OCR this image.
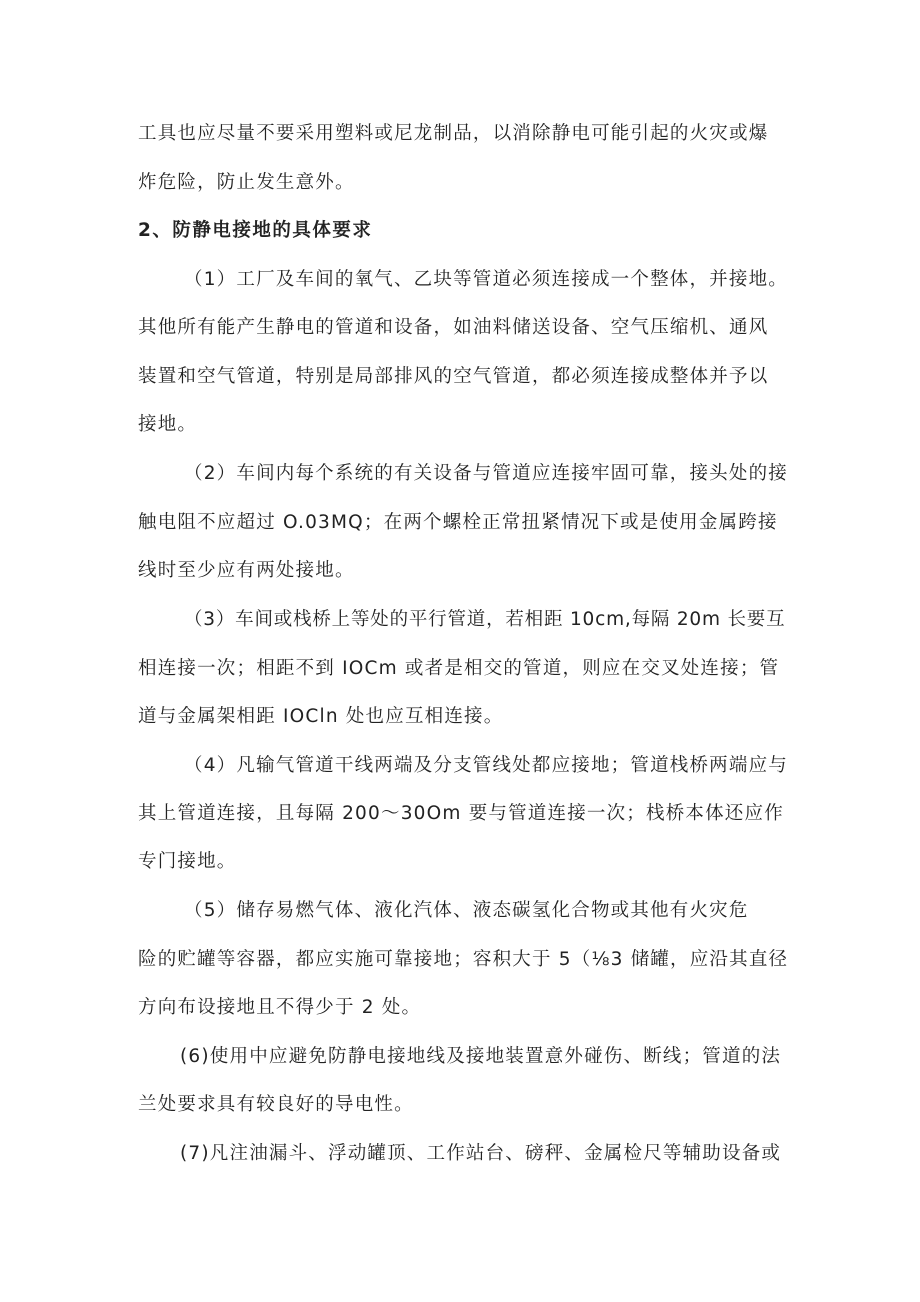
工具也应尽量不要采用塑料或尼龙制品，以消除静电可能引起的火灾或爆
炸危险，防止发生意外。
2、防静电接地的具体要求
（1）工厂及车间的氧气、乙块等管道必须连接成一个整体，并接地。
其他所有能产生静电的管道和设备，如油料储送设备、空气压缩机、通风
装置和空气管道，特别是局部排风的空气管道，都必须连接成整体并予以
接地。
（2）车间内每个系统的有关设备与管道应连接牢固可靠，接头处的接
触电阻不应超过 O.03MQ；在两个螺栓正常扭紧情况下或是使用金属跨接
线时至少应有两处接地。
（3）车间或栈桥上等处的平行管道，若相距 10cm,每隔 20m 长要互
相连接一次；相距不到 IOCm 或者是相交的管道，则应在交叉处连接；管
道与金属架相距 IOCln 处也应互相连接。
（4）凡输气管道干线两端及分支管线处都应接地；管道栈桥两端应与
其上管道连接，且每隔 200〜30Om 要与管道连接一次；栈桥本体还应作
专门接地。
（5）储存易燃气体、液化汽体、液态碳氢化合物或其他有火灾危
险的贮罐等容器，都应实施可靠接地；容积大于 5（⅛3 储罐，应沿其直径
方向布设接地且不得少于 2 处。
(6)使用中应避免防静电接地线及接地装置意外碰伤、断线；管道的法
兰处要求具有较良好的导电性。
(7)凡注油漏斗、浮动罐顶、工作站台、磅秤、金属检尺等辅助设备或
